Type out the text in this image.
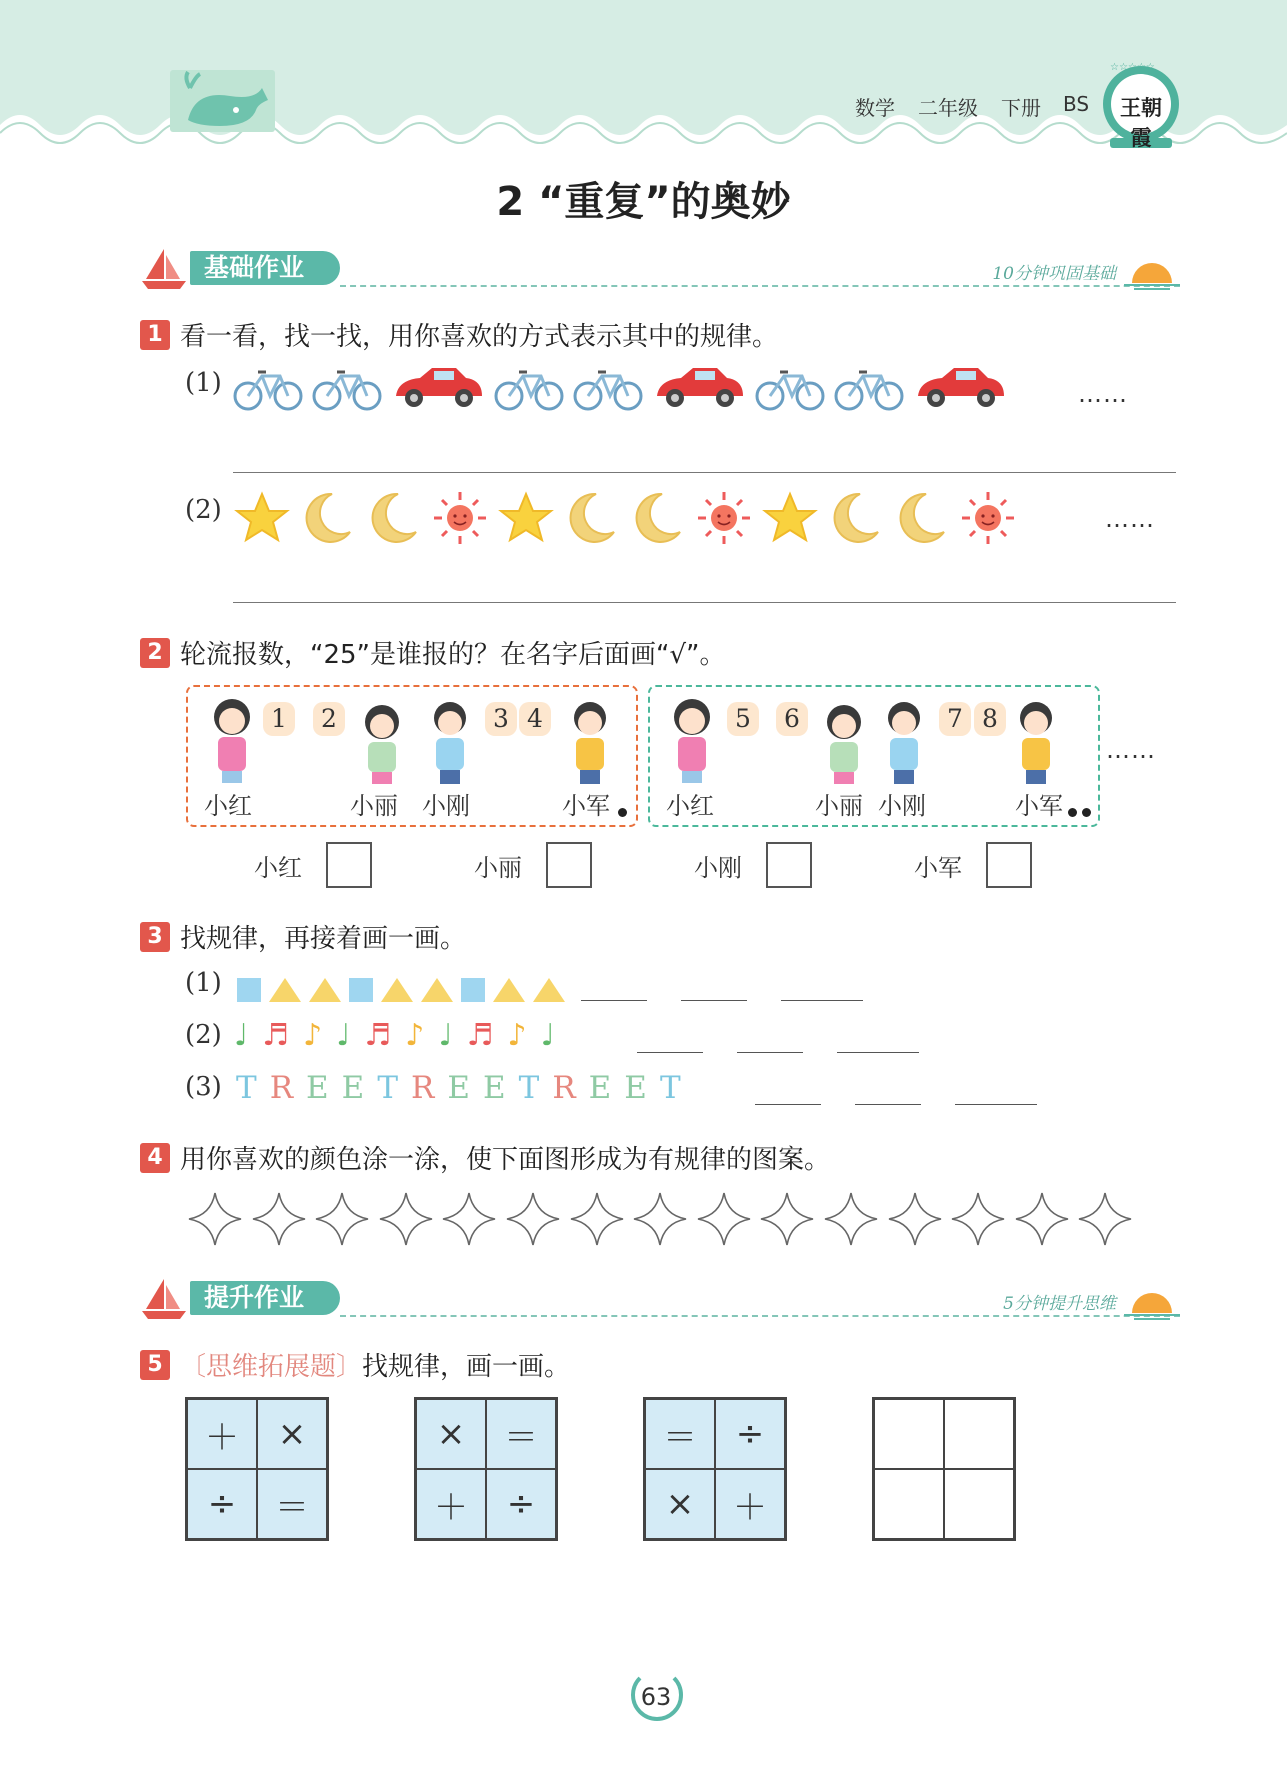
数学 二年级 下册 BS
☆☆☆☆☆
王朝霞
2 “重复”的奥妙
基础作业	10分钟巩固基础
1 看一看，找一找，用你喜欢的方式表示其中的规律。
(1)	……
(2)	……
2 轮流报数，“25”是谁报的？在名字后面画“√”。
1	2	3 4
小红	小丽 小刚	小军
5	6	7 8
小红	小丽 小刚	小军
……
小红	小丽	小刚	小军
3 找规律，再接着画一画。
(1)
(2) ♩ ♬ ♪ ♩ ♬ ♪ ♩ ♬ ♪ ♩
(3) T R E E T R E E T R E E T
4 用你喜欢的颜色涂一涂，使下面图形成为有规律的图案。
提升作业	5分钟提升思维
5 〔思维拓展题〕找规律，画一画。
＋	×
÷	＝
×	＝
＋	÷
＝	÷
×	＋
63
